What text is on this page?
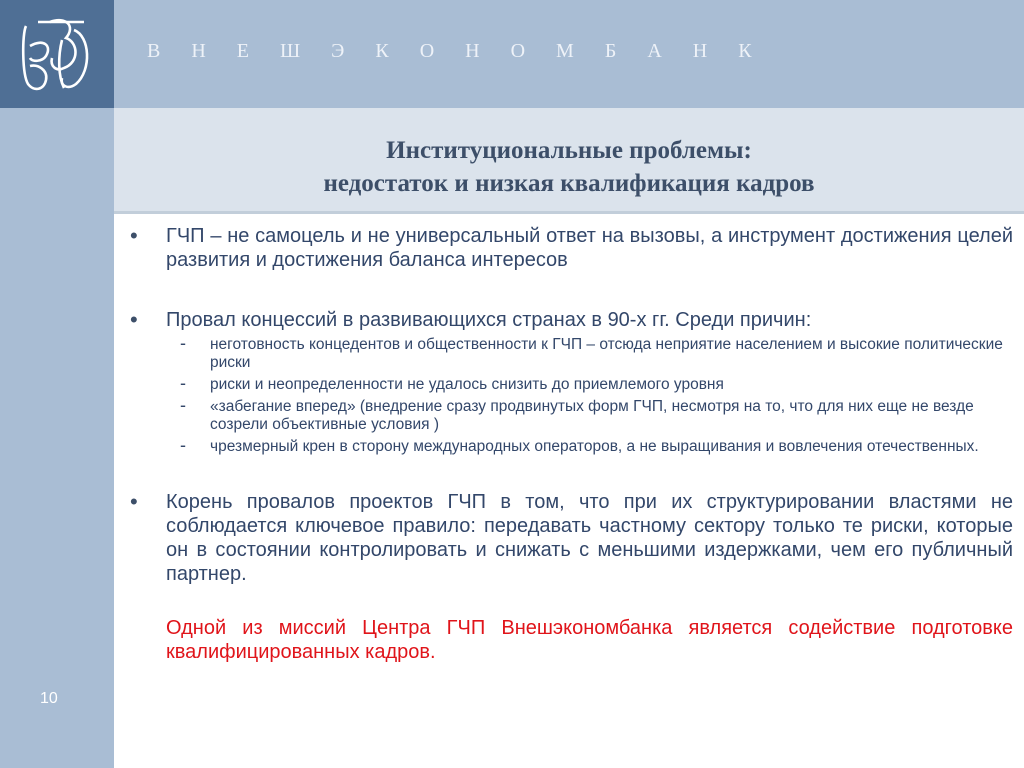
В Н Е Ш Э К О Н О М Б А Н К
10
Институциональные проблемы:
недостаток и низкая квалификация кадров
• ГЧП – не самоцель и не универсальный ответ на вызовы, а инструмент достижения целей развития и достижения баланса интересов
• Провал концессий в развивающихся странах в 90-х гг. Среди причин:
- неготовность концедентов и общественности к ГЧП – отсюда неприятие населением и высокие политические риски
- риски и неопределенности не удалось снизить до приемлемого уровня
- «забегание вперед» (внедрение сразу продвинутых форм ГЧП, несмотря на то, что для них еще не везде созрели объективные условия )
- чрезмерный крен в сторону международных операторов, а не выращивания и вовлечения отечественных.
• Корень провалов проектов ГЧП в том, что при их структурировании властями не соблюдается ключевое правило: передавать частному сектору только те риски, которые он в состоянии контролировать и снижать с меньшими издержками, чем его публичный партнер.
Одной из миссий Центра ГЧП Внешэкономбанка является содействие подготовке квалифицированных кадров.
